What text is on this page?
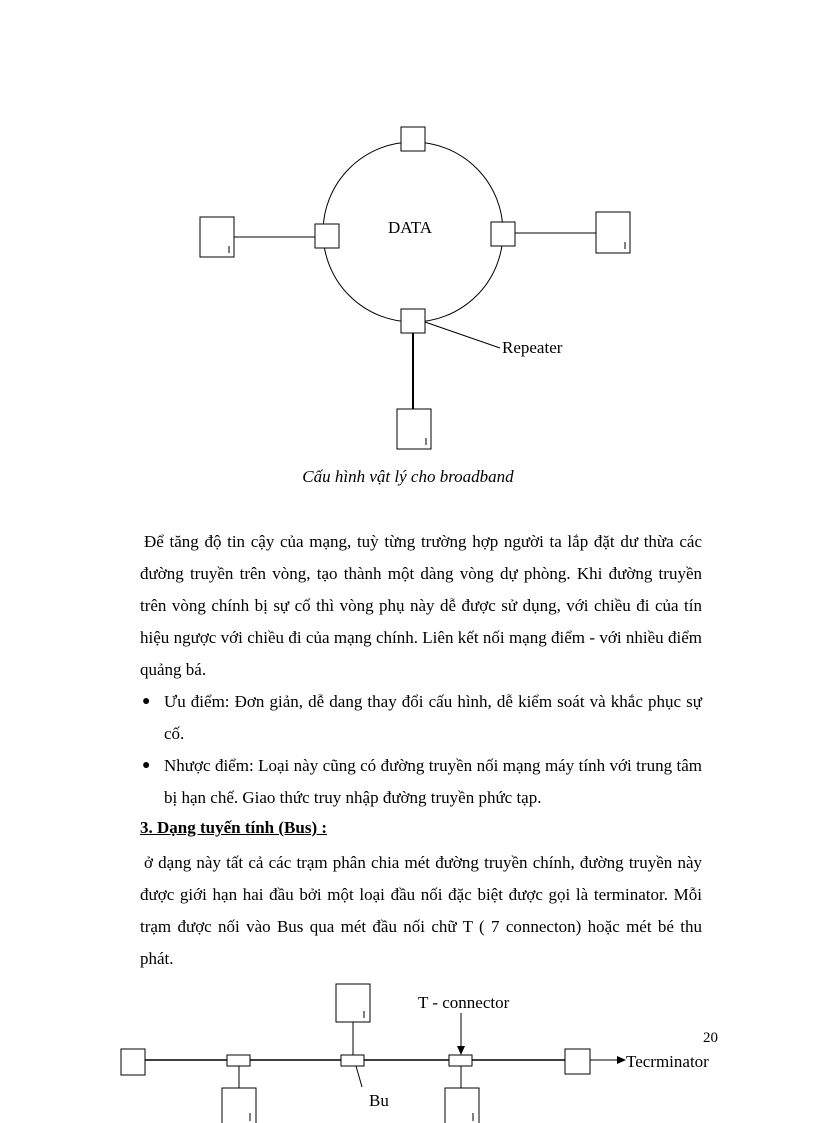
DATA
Repeater
Cấu hình vật lý cho broadband
Để tăng độ tin cậy của mạng, tuỳ từng trường hợp người ta lắp đặt dư thừa các đường truyền trên vòng, tạo thành một dàng vòng dự phòng. Khi đường truyền trên vòng chính bị sự cố thì vòng phụ này dễ được sử dụng, với chiều đi của tín hiệu ngược với chiều đi của mạng chính. Liên kết nối mạng điểm - với nhiều điểm quảng bá.
● Ưu điểm: Đơn giản, dễ dang thay đổi cấu hình, dễ kiểm soát và khắc phục sự cố.
● Nhược điểm: Loại này cũng có đường truyền nối mạng máy tính với trung tâm bị hạn chế. Giao thức truy nhập đường truyền phức tạp.
3. Dạng tuyến tính (Bus) :
ở dạng này tất cả các trạm phân chia mét đường truyền chính, đường truyền này được giới hạn hai đầu bởi một loại đầu nối đặc biệt được gọi là terminator. Mỗi trạm được nối vào Bus qua mét đầu nối chữ T ( 7 connecton) hoặc mét bé thu phát.
20
T - connector
Tecrminator
Bu
